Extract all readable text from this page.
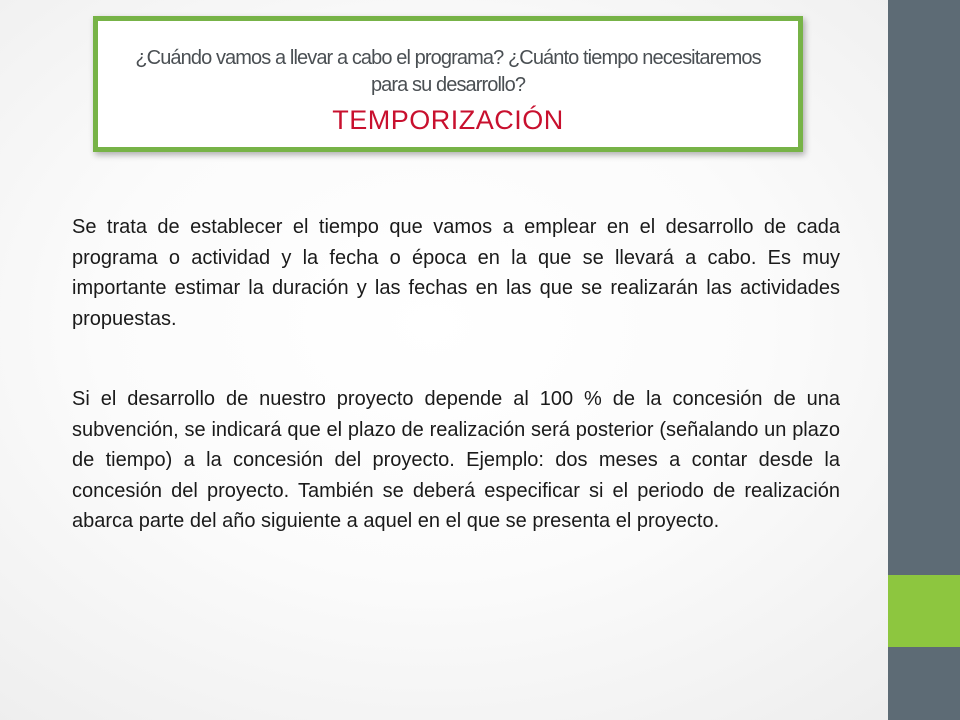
¿Cuándo vamos a llevar a cabo el programa? ¿Cuánto tiempo necesitaremos para su desarrollo?
TEMPORIZACIÓN

Se trata de establecer el tiempo que vamos a emplear en el desarrollo de cada programa o actividad y la fecha o época en la que se llevará a cabo. Es muy importante estimar la duración y las fechas en las que se realizarán las actividades propuestas.

Si el desarrollo de nuestro proyecto depende al 100 % de la concesión de una subvención, se indicará que el plazo de realización será posterior (señalando un plazo de tiempo) a la concesión del proyecto. Ejemplo: dos meses a contar desde la concesión del proyecto. También se deberá especificar si el periodo de realización abarca parte del año siguiente a aquel en el que se presenta el proyecto.
